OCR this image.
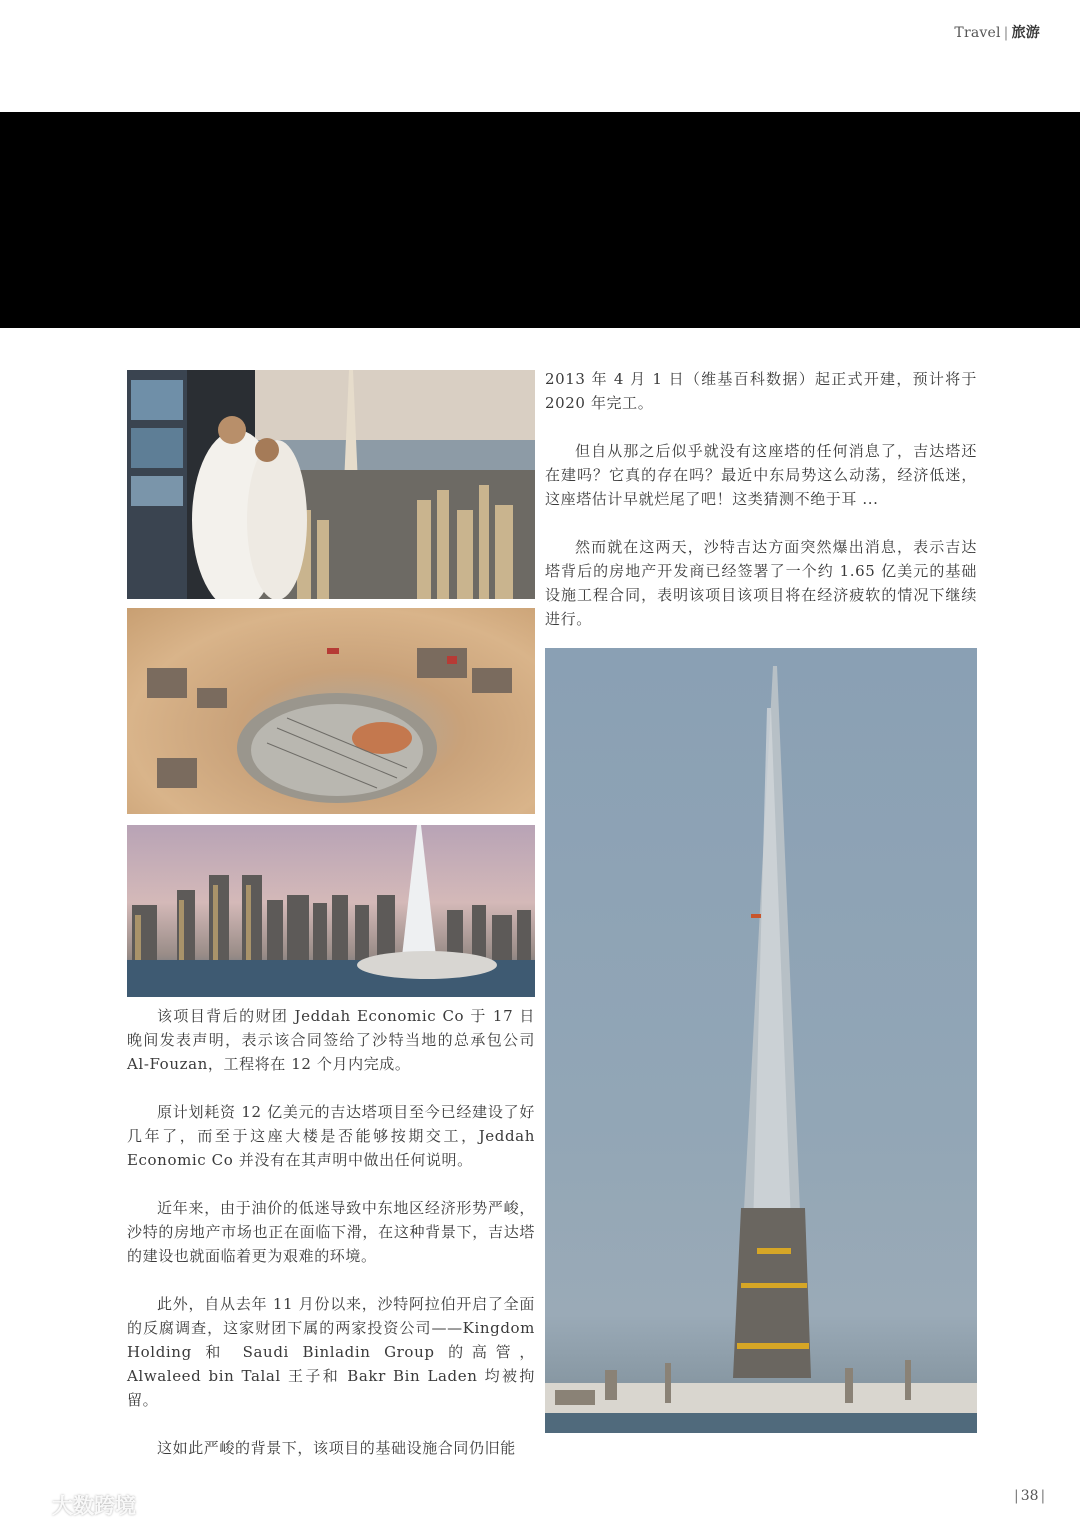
Travel | 旅游

2013 年 4 月 1 日（维基百科数据）起正式开建，预计将于 2020 年完工。

但自从那之后似乎就没有这座塔的任何消息了，吉达塔还在建吗？它真的存在吗？最近中东局势这么动荡，经济低迷，这座塔估计早就烂尾了吧！这类猜测不绝于耳 ...

然而就在这两天，沙特吉达方面突然爆出消息，表示吉达塔背后的房地产开发商已经签署了一个约 1.65 亿美元的基础设施工程合同，表明该项目该项目将在经济疲软的情况下继续进行。

该项目背后的财团 Jeddah Economic Co 于 17 日晚间发表声明，表示该合同签给了沙特当地的总承包公司 Al-Fouzan，工程将在 12 个月内完成。

原计划耗资 12 亿美元的吉达塔项目至今已经建设了好几年了，而至于这座大楼是否能够按期交工，Jeddah Economic Co 并没有在其声明中做出任何说明。

近年来，由于油价的低迷导致中东地区经济形势严峻，沙特的房地产市场也正在面临下滑，在这种背景下，吉达塔的建设也就面临着更为艰难的环境。

此外，自从去年 11 月份以来，沙特阿拉伯开启了全面的反腐调查，这家财团下属的两家投资公司——Kingdom Holding 和 Saudi Binladin Group 的高管，Alwaleed bin Talal 王子和 Bakr Bin Laden 均被拘留。

这如此严峻的背景下，该项目的基础设施合同仍旧能

| 38 |
大数跨境
